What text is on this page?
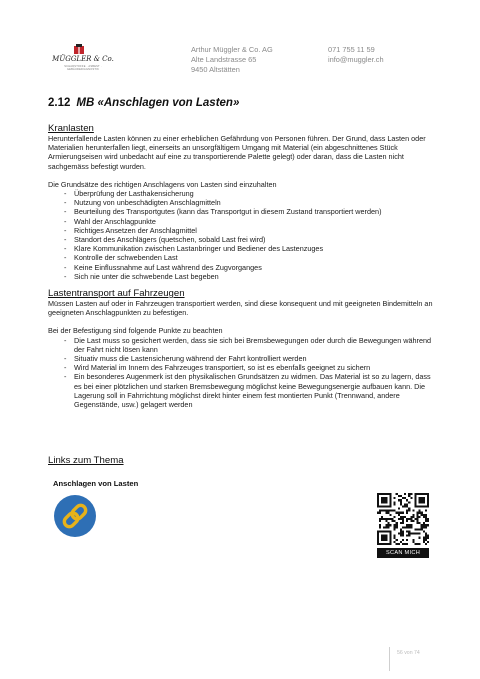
MÜGGLER & Co.
SCHADSTOFFE · ASBEST · GEBÄUDEDIAGNOSTIK
Arthur Müggler & Co. AG
Alte Landstrasse 65
9450 Altstätten
071 755 11 59
info@muggler.ch
2.12 MB «Anschlagen von Lasten»
Kranlasten

Herunterfallende Lasten können zu einer erheblichen Gefährdung von Personen führen. Der Grund, dass Lasten oder Materialien herunterfallen liegt, einerseits an unsorgfältigem Umgang mit Material (ein abgeschnittenes Stück Armierungseisen wird unbedacht auf eine zu transportierende Palette gelegt) oder daran, dass die Lasten nicht sachgemäss befestigt wurden.

Die Grundsätze des richtigen Anschlagens von Lasten sind einzuhalten

- Überprüfung der Lasthakensicherung
- Nutzung von unbeschädigten Anschlagmitteln
- Beurteilung des Transportgutes (kann das Transportgut in diesem Zustand transportiert werden)
- Wahl der Anschlagpunkte
- Richtiges Ansetzen der Anschlagmittel
- Standort des Anschlägers (quetschen, sobald Last frei wird)
- Klare Kommunikation zwischen Lastanbringer und Bediener des Lastenzuges
- Kontrolle der schwebenden Last
- Keine Einflussnahme auf Last während des Zugvorganges
- Sich nie unter die schwebende Last begeben
Lastentransport auf Fahrzeugen

Müssen Lasten auf oder in Fahrzeugen transportiert werden, sind diese konsequent und mit geeigneten Bindemitteln an geeigneten Anschlagpunkten zu befestigen.

Bei der Befestigung sind folgende Punkte zu beachten

- Die Last muss so gesichert werden, dass sie sich bei Bremsbewegungen oder durch die Bewegungen während der Fahrt nicht lösen kann
- Situativ muss die Lastensicherung während der Fahrt kontrolliert werden
- Wird Material im Innern des Fahrzeuges transportiert, so ist es ebenfalls geeignet zu sichern
- Ein besonderes Augenmerk ist den physikalischen Grundsätzen zu widmen. Das Material ist so zu lagern, dass es bei einer plötzlichen und starken Bremsbewegung möglichst keine Bewegungsenergie aufbauen kann. Die Lagerung soll in Fahrrichtung möglichst direkt hinter einem fest montierten Punkt (Trennwand, andere Gegenstände, usw.) gelagert werden
Links zum Thema
Anschlagen von Lasten
SCAN MICH
56 von 74
